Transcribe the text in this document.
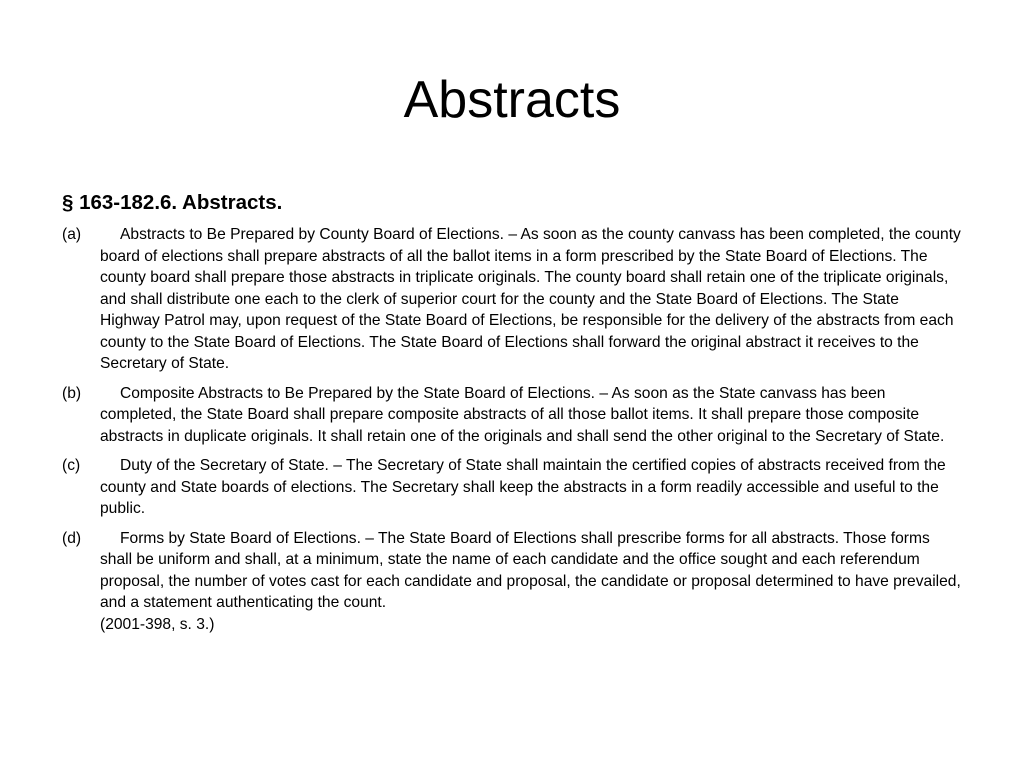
Abstracts
§ 163-182.6. Abstracts.
(a) Abstracts to Be Prepared by County Board of Elections. – As soon as the county canvass has been completed, the county board of elections shall prepare abstracts of all the ballot items in a form prescribed by the State Board of Elections. The county board shall prepare those abstracts in triplicate originals. The county board shall retain one of the triplicate originals, and shall distribute one each to the clerk of superior court for the county and the State Board of Elections. The State Highway Patrol may, upon request of the State Board of Elections, be responsible for the delivery of the abstracts from each county to the State Board of Elections. The State Board of Elections shall forward the original abstract it receives to the Secretary of State.
(b) Composite Abstracts to Be Prepared by the State Board of Elections. – As soon as the State canvass has been completed, the State Board shall prepare composite abstracts of all those ballot items. It shall prepare those composite abstracts in duplicate originals. It shall retain one of the originals and shall send the other original to the Secretary of State.
(c)	Duty of the Secretary of State. – The Secretary of State shall maintain the certified copies of abstracts received from the county and State boards of elections. The Secretary shall keep the abstracts in a form readily accessible and useful to the public.
(d) Forms by State Board of Elections. – The State Board of Elections shall prescribe forms for all abstracts. Those forms shall be uniform and shall, at a minimum, state the name of each candidate and the office sought and each referendum proposal, the number of votes cast for each candidate and proposal, the candidate or proposal determined to have prevailed, and a statement authenticating the count.
(2001-398, s. 3.)
